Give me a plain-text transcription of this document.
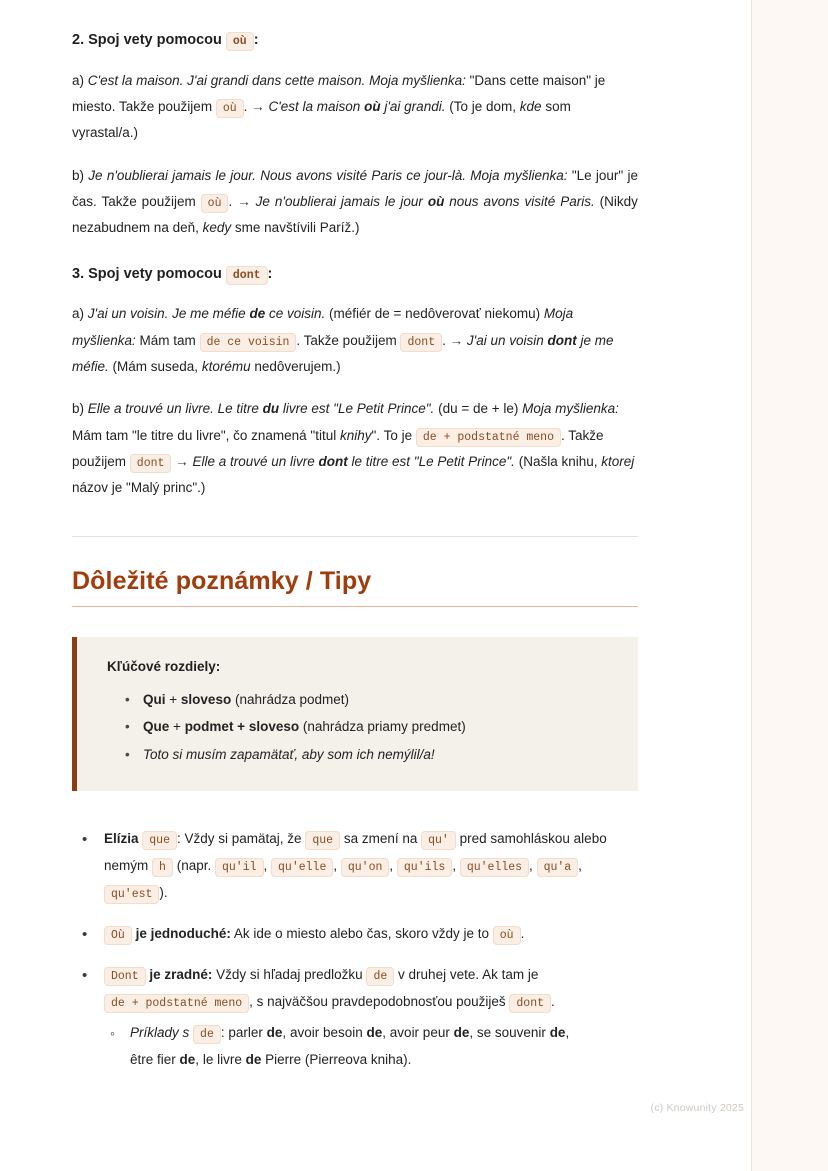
(c) Knowunity 2025
2. Spoj vety pomocou où :

a) C'est la maison. J'ai grandi dans cette maison. Moja myšlienka: "Dans cette maison" je miesto. Takže použijem où . → C'est la maison où j'ai grandi. (To je dom, kde som vyrastal/a.)

b) Je n'oublierai jamais le jour. Nous avons visité Paris ce jour-là. Moja myšlienka: "Le jour" je čas. Takže použijem où . → Je n'oublierai jamais le jour où nous avons visité Paris. (Nikdy nezabudnem na deň, kedy sme navštívili Paríž.)

3. Spoj vety pomocou dont :

a) J'ai un voisin. Je me méfie de ce voisin. (méfiér de = nedôverovať niekomu) Moja myšlienka: Mám tam de ce voisin . Takže použijem dont . → J'ai un voisin dont je me méfie. (Mám suseda, ktorému nedôverujem.)

b) Elle a trouvé un livre. Le titre du livre est "Le Petit Prince". (du = de + le) Moja myšlienka: Mám tam "le titre du livre", čo znamená "titul knihy". To je de + podstatné meno . Takže použijem dont → Elle a trouvé un livre dont le titre est "Le Petit Prince". (Našla knihu, ktorej názov je "Malý princ".)

Dôležité poznámky / Tipy
Kľúčové rozdiely:
• Qui + sloveso (nahrádza podmet)
• Que + podmet + sloveso (nahrádza priamy predmet)
• Toto si musím zapamätať, aby som ich nemýlil/a!
• Elízia que : Vždy si pamätaj, že que sa zmení na qu' pred samohláskou alebo nemým h (napr. qu'il , qu'elle , qu'on , qu'ils , qu'elles , qu'a , qu'est ).
• Où je jednoduché: Ak ide o miesto alebo čas, skoro vždy je to où .
• Dont je zradné: Vždy si hľadaj predložku de v druhej vete. Ak tam je de + podstatné meno , s najväčšou pravdepodobnosťou použiješ dont .
◦ Príklady s de : parler de, avoir besoin de, avoir peur de, se souvenir de, être fier de, le livre de Pierre (Pierreova kniha).
